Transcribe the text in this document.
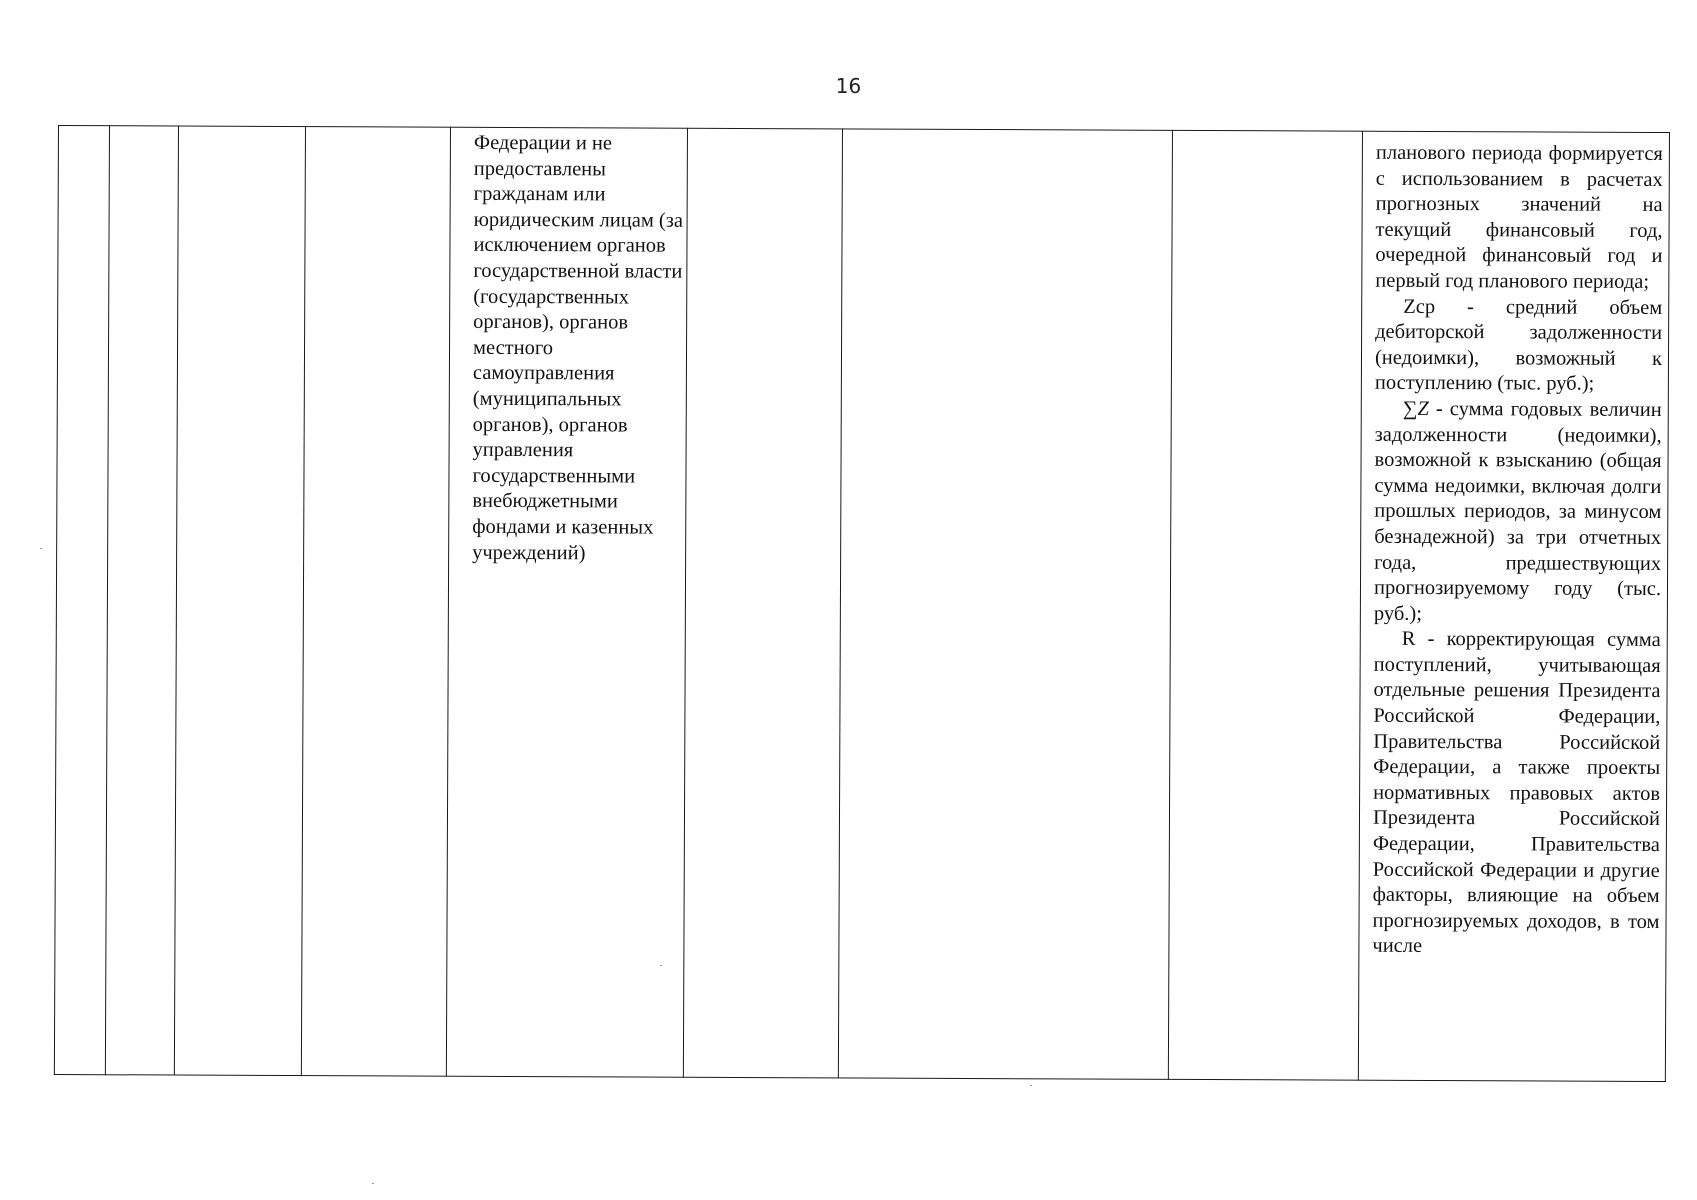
16
Федерации и не предоставлены гражданам или юридическим лицам (за исключением органов государственной власти (государственных органов), органов местного самоуправления (муниципальных органов), органов управления государственными внебюджетными фондами и казенных учреждений)
планового периода формируется с использованием в расчетах прогнозных значений на текущий финансовый год, очередной финансовый год и первый год планового периода;
Zср - средний объем дебиторской задолженности (недоимки), возможный к поступлению (тыс. руб.);
∑Z - сумма годовых величин задолженности (недоимки), возможной к взысканию (общая сумма недоимки, включая долги прошлых периодов, за минусом безнадежной) за три отчетных года, предшествующих прогнозируемому году (тыс. руб.);
R - корректирующая сумма поступлений, учитывающая отдельные решения Президента Российской Федерации, Правительства Российской Федерации, а также проекты нормативных правовых актов Президента Российской Федерации, Правительства Российской Федерации и другие факторы, влияющие на объем прогнозируемых доходов, в том числе
